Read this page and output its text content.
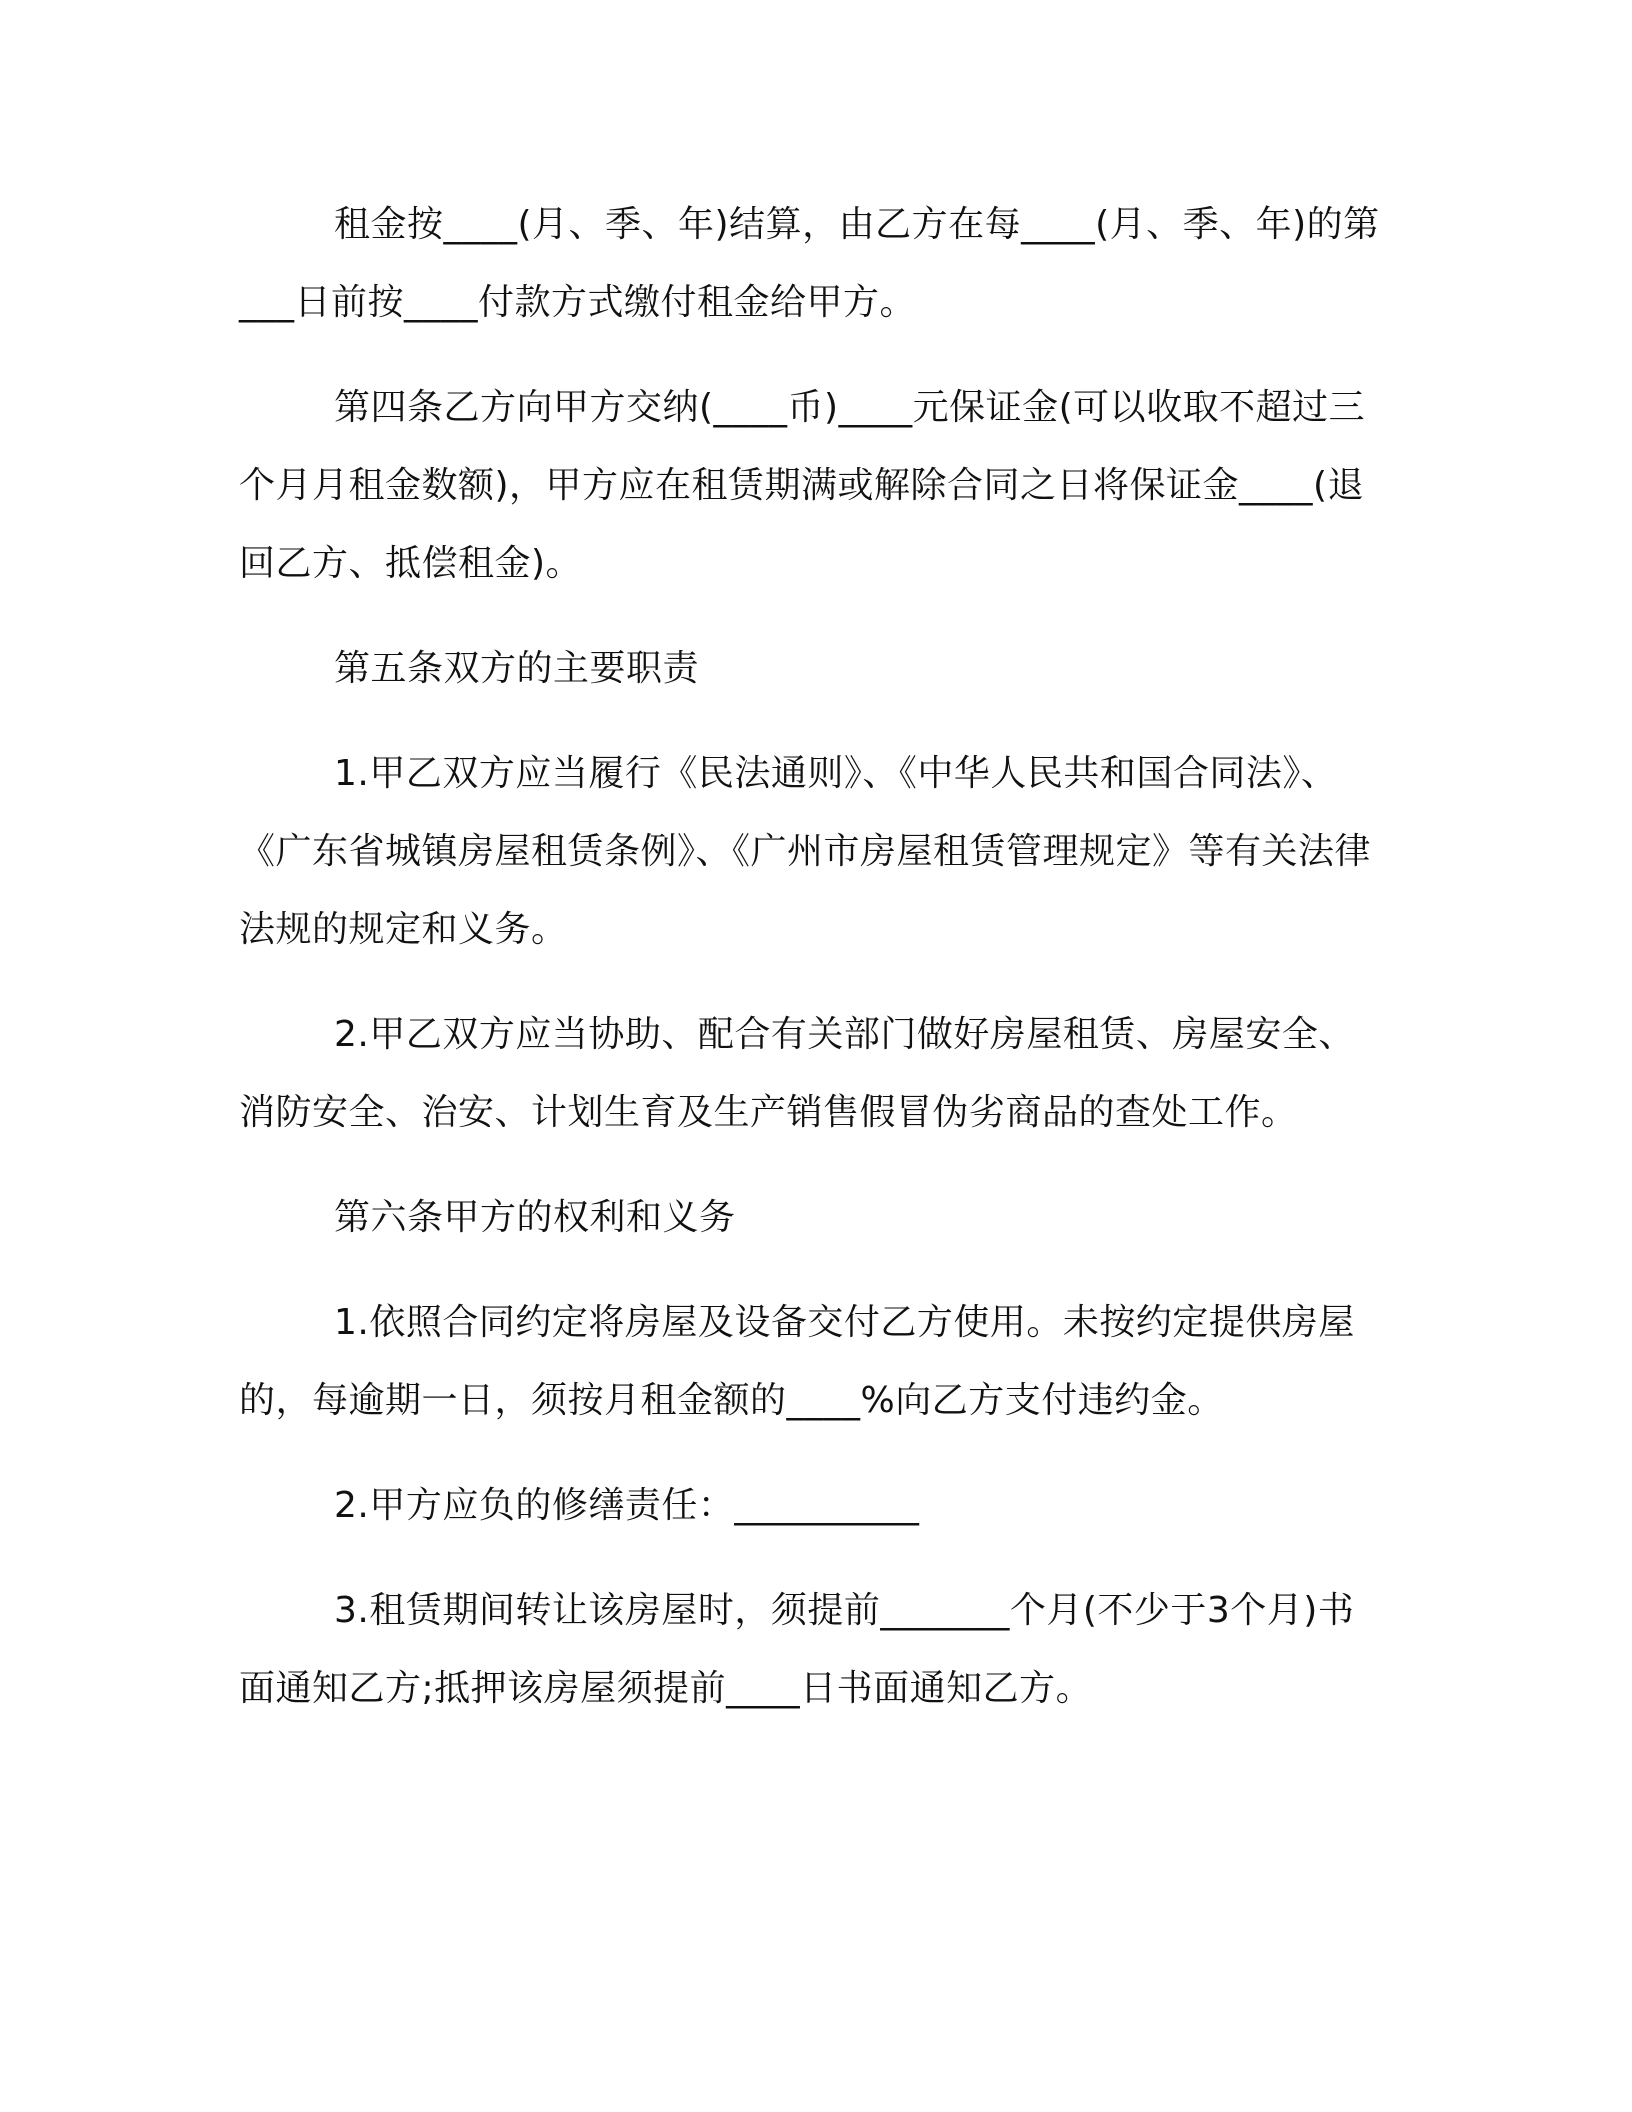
租金按____(月、季、年)结算，由乙方在每____(月、季、年)的第___日前按____付款方式缴付租金给甲方。

第四条乙方向甲方交纳(____币)____元保证金(可以收取不超过三个月月租金数额)，甲方应在租赁期满或解除合同之日将保证金____(退回乙方、抵偿租金)。

第五条双方的主要职责

1.甲乙双方应当履行《民法通则》、《中华人民共和国合同法》、《广东省城镇房屋租赁条例》、《广州市房屋租赁管理规定》等有关法律法规的规定和义务。

2.甲乙双方应当协助、配合有关部门做好房屋租赁、房屋安全、消防安全、治安、计划生育及生产销售假冒伪劣商品的查处工作。

第六条甲方的权利和义务

1.依照合同约定将房屋及设备交付乙方使用。未按约定提供房屋的，每逾期一日，须按月租金额的____%向乙方支付违约金。

2.甲方应负的修缮责任：__________

3.租赁期间转让该房屋时，须提前_______个月(不少于3个月)书面通知乙方;抵押该房屋须提前____日书面通知乙方。
